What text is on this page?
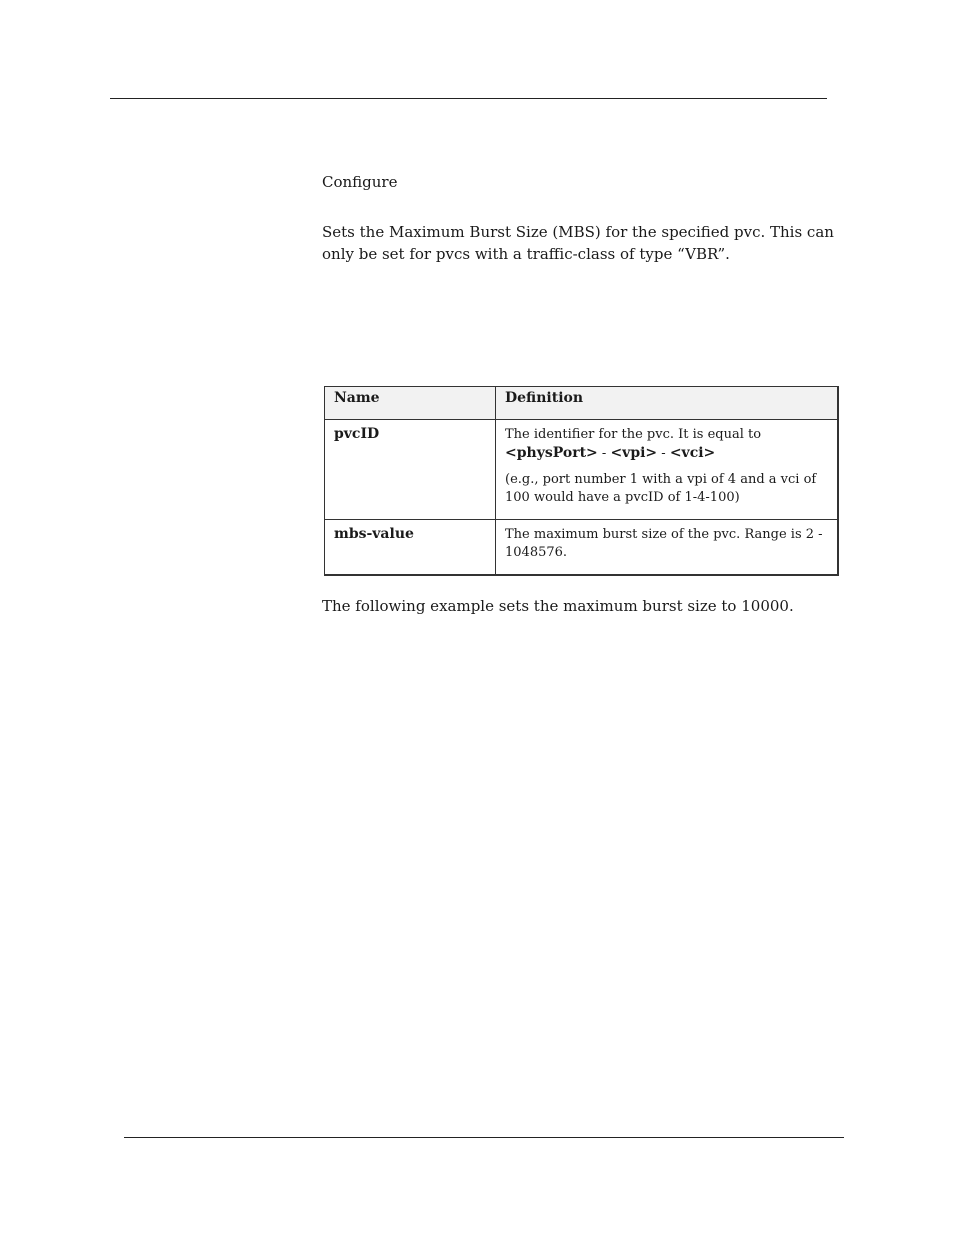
Configure
Sets the Maximum Burst Size (MBS) for the specified pvc. This can only be set for pvcs with a traffic-class of type “VBR”.
Name	Definition
pvcID	The identifier for the pvc. It is equal to
<physPort> - <vpi> - <vci>

(e.g., port number 1 with a vpi of 4 and a vci of 100 would have a pvcID of 1-4-100)

mbs-value	The maximum burst size of the pvc. Range is 2 - 1048576.

The following example sets the maximum burst size to 10000.
